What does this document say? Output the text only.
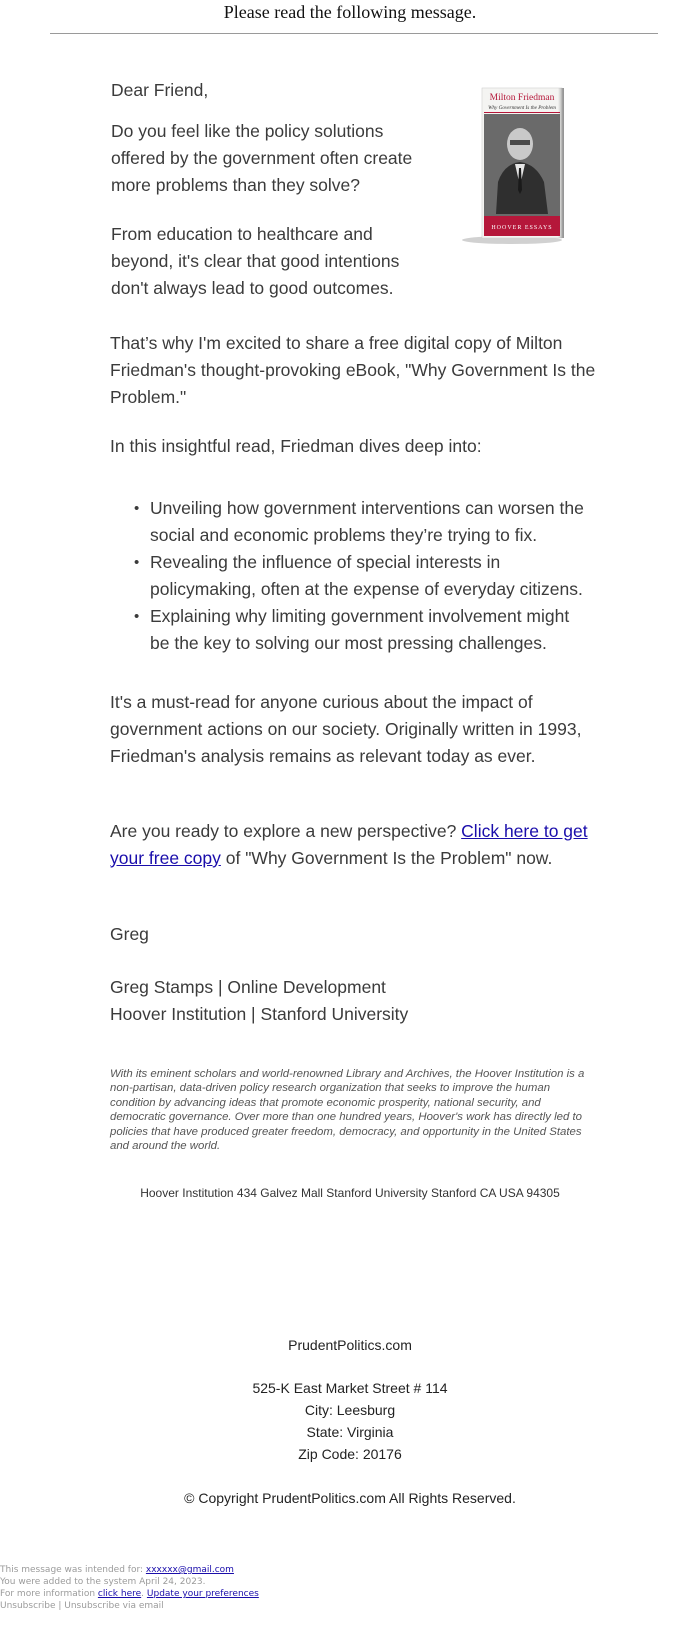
Please read the following message.

Dear Friend,

Do you feel like the policy solutions offered by the government often create more problems than they solve?

From education to healthcare and beyond, it's clear that good intentions don't always lead to good outcomes.

Milton Friedman
Why Government Is the Problem
HOOVER ESSAYS

That’s why I'm excited to share a free digital copy of Milton Friedman's thought-provoking eBook, "Why Government Is the Problem."

In this insightful read, Friedman dives deep into:

• Unveiling how government interventions can worsen the social and economic problems they’re trying to fix.
• Revealing the influence of special interests in policymaking, often at the expense of everyday citizens.
• Explaining why limiting government involvement might be the key to solving our most pressing challenges.

It's a must-read for anyone curious about the impact of government actions on our society. Originally written in 1993, Friedman's analysis remains as relevant today as ever.

Are you ready to explore a new perspective? Click here to get your free copy of "Why Government Is the Problem" now.

Greg

Greg Stamps | Online Development

Hoover Institution | Stanford University

With its eminent scholars and world-renowned Library and Archives, the Hoover Institution is a non-partisan, data-driven policy research organization that seeks to improve the human condition by advancing ideas that promote economic prosperity, national security, and democratic governance. Over more than one hundred years, Hoover's work has directly led to policies that have produced greater freedom, democracy, and opportunity in the United States and around the world.

Hoover Institution 434 Galvez Mall Stanford University Stanford CA USA 94305
PrudentPolitics.com
525-K East Market Street # 114
City: Leesburg
State: Virginia
Zip Code: 20176
© Copyright PrudentPolitics.com All Rights Reserved.
This message was intended for: xxxxxx@gmail.com
You were added to the system April 24, 2023.
For more information click here. Update your preferences
Unsubscribe | Unsubscribe via email
